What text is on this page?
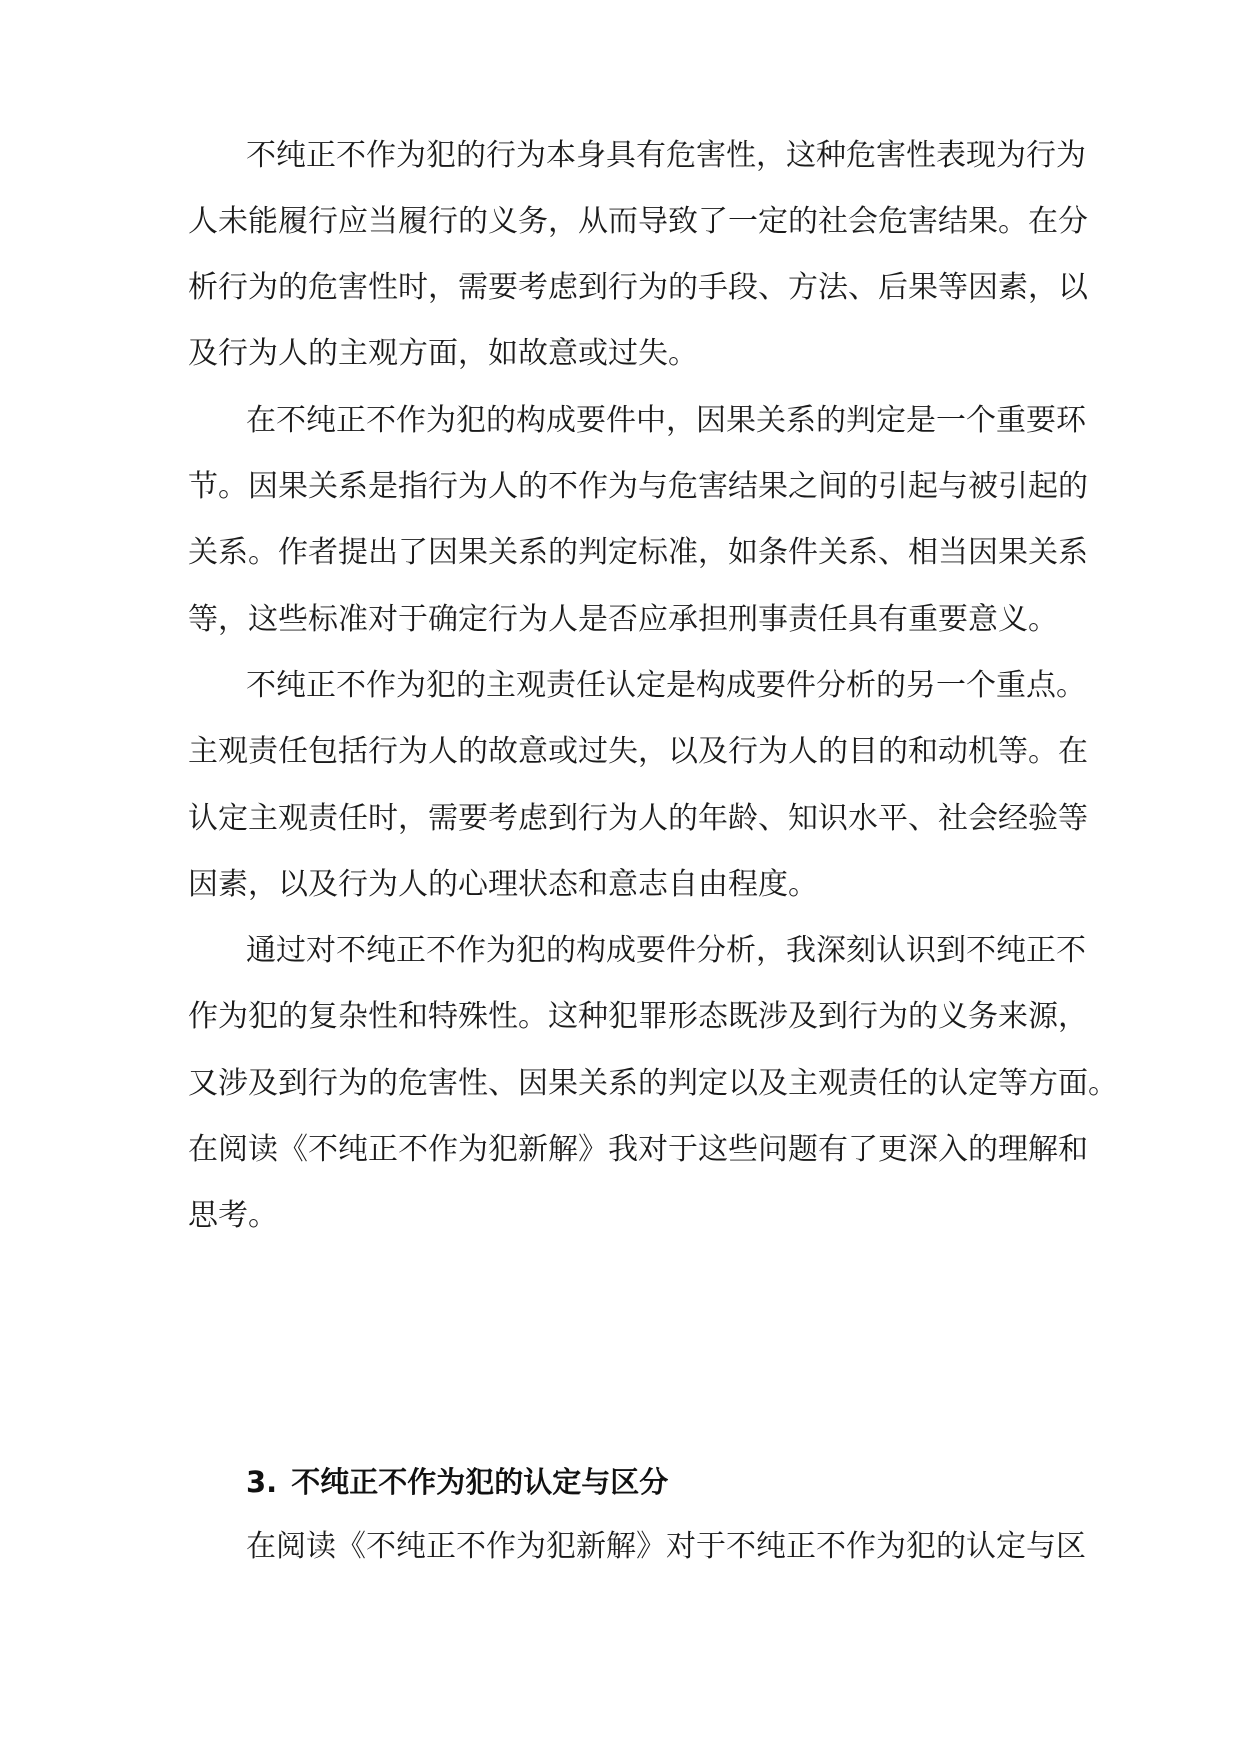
不纯正不作为犯的行为本身具有危害性，这种危害性表现为行为
人未能履行应当履行的义务，从而导致了一定的社会危害结果。在分
析行为的危害性时，需要考虑到行为的手段、方法、后果等因素，以
及行为人的主观方面，如故意或过失。
在不纯正不作为犯的构成要件中，因果关系的判定是一个重要环
节。因果关系是指行为人的不作为与危害结果之间的引起与被引起的
关系。作者提出了因果关系的判定标准，如条件关系、相当因果关系
等，这些标准对于确定行为人是否应承担刑事责任具有重要意义。
不纯正不作为犯的主观责任认定是构成要件分析的另一个重点。
主观责任包括行为人的故意或过失，以及行为人的目的和动机等。在
认定主观责任时，需要考虑到行为人的年龄、知识水平、社会经验等
因素，以及行为人的心理状态和意志自由程度。
通过对不纯正不作为犯的构成要件分析，我深刻认识到不纯正不
作为犯的复杂性和特殊性。这种犯罪形态既涉及到行为的义务来源，
又涉及到行为的危害性、因果关系的判定以及主观责任的认定等方面。
在阅读《不纯正不作为犯新解》我对于这些问题有了更深入的理解和
思考。
3. 不纯正不作为犯的认定与区分
在阅读《不纯正不作为犯新解》对于不纯正不作为犯的认定与区
